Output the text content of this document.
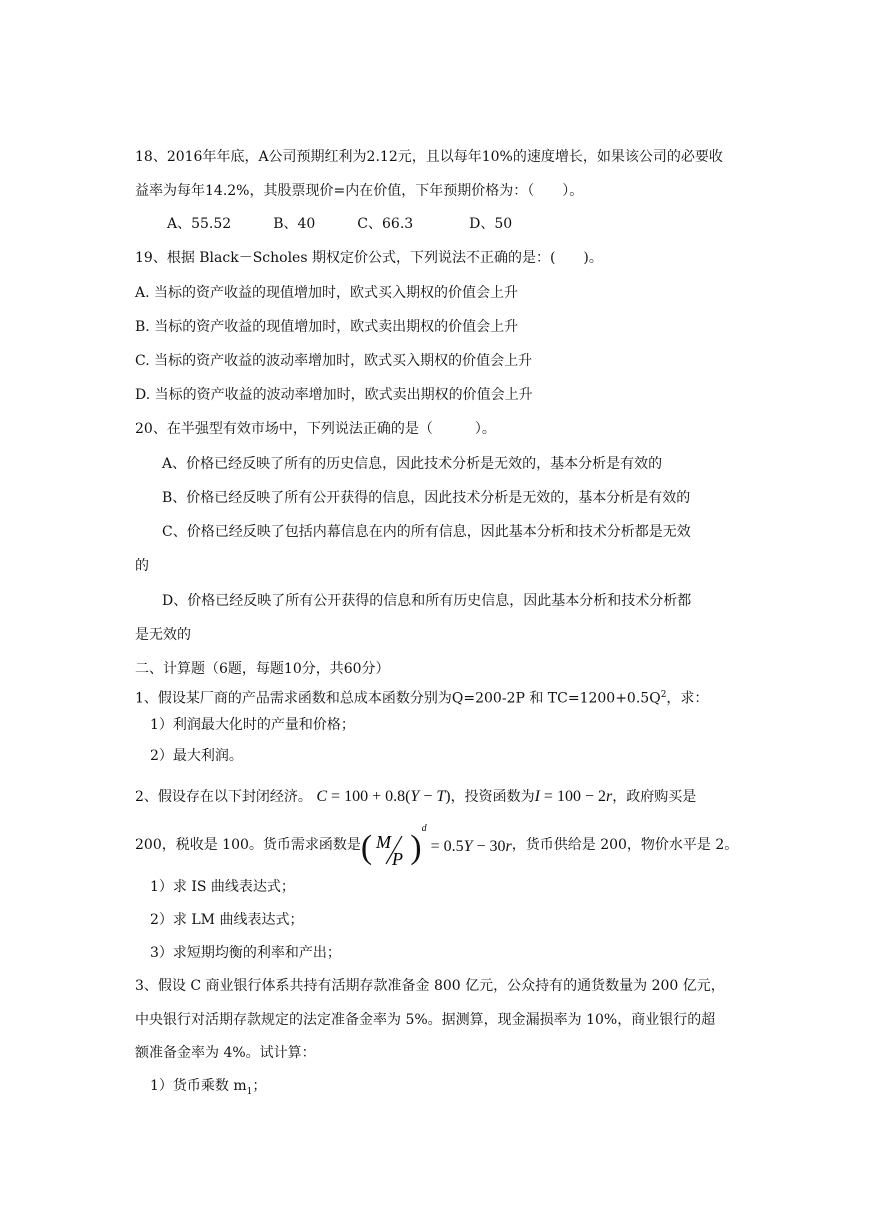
18、2016年年底，A公司预期红利为2.12元，且以每年10%的速度增长，如果该公司的必要收
益率为每年14.2%，其股票现价=内在价值，下年预期价格为：（　　）。
A、55.52　　　B、40　　　C、66.3　　　　D、50
19、根据 Black－Scholes 期权定价公式，下列说法不正确的是：(　　)。
A. 当标的资产收益的现值增加时，欧式买入期权的价值会上升
B. 当标的资产收益的现值增加时，欧式卖出期权的价值会上升
C. 当标的资产收益的波动率增加时，欧式买入期权的价值会上升
D. 当标的资产收益的波动率增加时，欧式卖出期权的价值会上升
20、在半强型有效市场中，下列说法正确的是（　　　）。
A、价格已经反映了所有的历史信息，因此技术分析是无效的，基本分析是有效的
B、价格已经反映了所有公开获得的信息，因此技术分析是无效的，基本分析是有效的
C、价格已经反映了包括内幕信息在内的所有信息，因此基本分析和技术分析都是无效
的
D、价格已经反映了所有公开获得的信息和所有历史信息，因此基本分析和技术分析都
是无效的
二、计算题（6题，每题10分，共60分）
1、假设某厂商的产品需求函数和总成本函数分别为Q=200-2P 和 $TC=1200+0.5Q^2$，求：
1）利润最大化时的产量和价格；
2）最大利润。
2、假设存在以下封闭经济。 C = 100 + 0.8(Y − T)，投资函数为I = 100 − 2r，政府购买是
200，税收是 100。货币需求函数是( M
P )$^d$ = 0.5Y − 30r，货币供给是 200，物价水平是 2。
1）求 IS 曲线表达式；
2）求 LM 曲线表达式；
3）求短期均衡的利率和产出；
3、假设 C 商业银行体系共持有活期存款准备金 800 亿元，公众持有的通货数量为 200 亿元，
中央银行对活期存款规定的法定准备金率为 5%。据测算，现金漏损率为 10%，商业银行的超
额准备金率为 4%。试计算：
1）货币乘数 $m_1$；
